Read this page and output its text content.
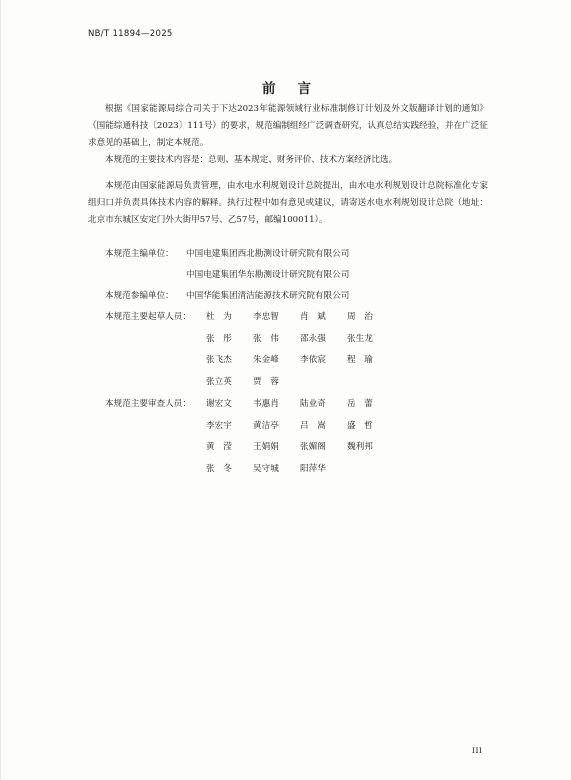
NB/T 11894—2025
前言
根据《国家能源局综合司关于下达2023年能源领域行业标准制修订计划及外文版翻译计划的通知》（国能综通科技〔2023〕111号）的要求，规范编制组经广泛调查研究，认真总结实践经验，并在广泛征求意见的基础上，制定本规范。
本规范的主要技术内容是：总则、基本规定、财务评价、技术方案经济比选。
本规范由国家能源局负责管理，由水电水利规划设计总院提出，由水电水利规划设计总院标准化专家组归口并负责具体技术内容的解释。执行过程中如有意见或建议，请寄送水电水利规划设计总院（地址：北京市东城区安定门外大街甲57号、乙57号，邮编100011）。
本规范主编单位： 中国电建集团西北勘测设计研究院有限公司
中国电建集团华东勘测设计研究院有限公司
本规范参编单位： 中国华能集团清洁能源技术研究院有限公司
本规范主要起草人员： 杜　为 李忠智 肖　斌 周　治
张　彤 张　伟 邵永强 张生龙
张飞杰 朱金峰 李依宸 程　瑜
张立英 贾　蓉
本规范主要审查人员： 谢宏文 韦惠肖 陆业奇 岳　蕾
李宏宇 黄洁亭 吕　嵩 盛　哲
黄　滢 王娟娟 张媚阁 魏利邦
张　冬 吴守城 阳萍华
III
